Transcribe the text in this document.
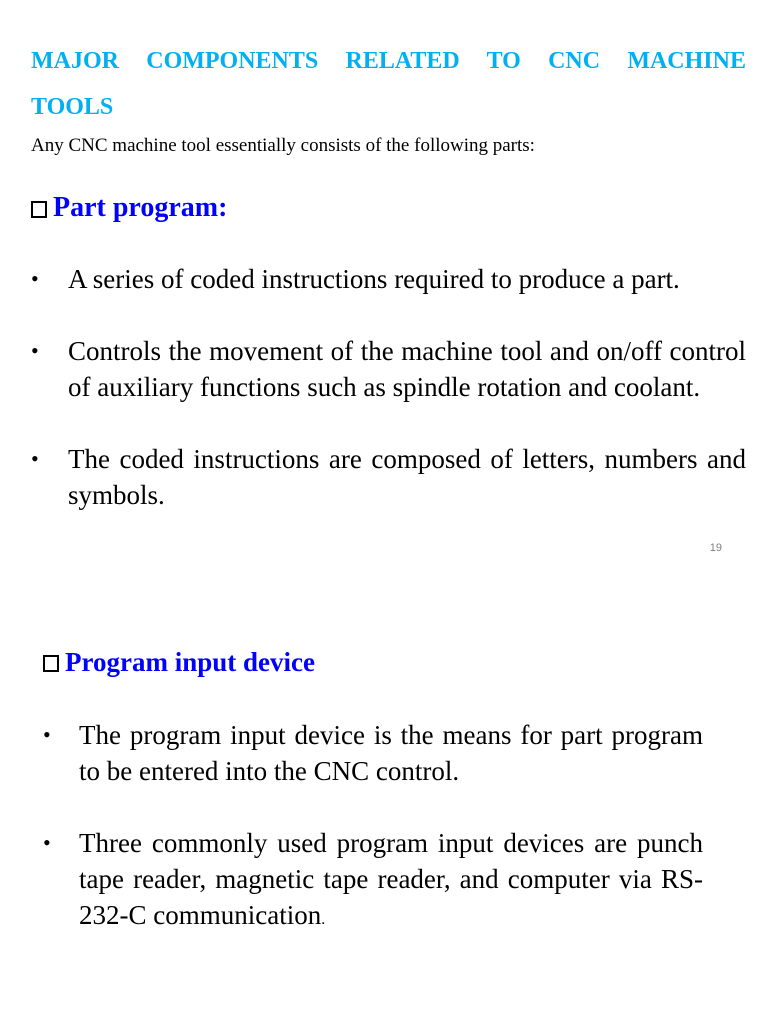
MAJOR COMPONENTS RELATED TO CNC MACHINE
TOOLS

Any CNC machine tool essentially consists of the following parts:

Part program:
• A series of coded instructions required to produce a part.
• Controls the movement of the machine tool and on/off control of auxiliary functions such as spindle rotation and coolant.
• The coded instructions are composed of letters, numbers and symbols.
19
Program input device
• The program input device is the means for part program to be entered into the CNC control.
• Three commonly used program input devices are punch tape reader, magnetic tape reader, and computer via RS-232-C communication.
